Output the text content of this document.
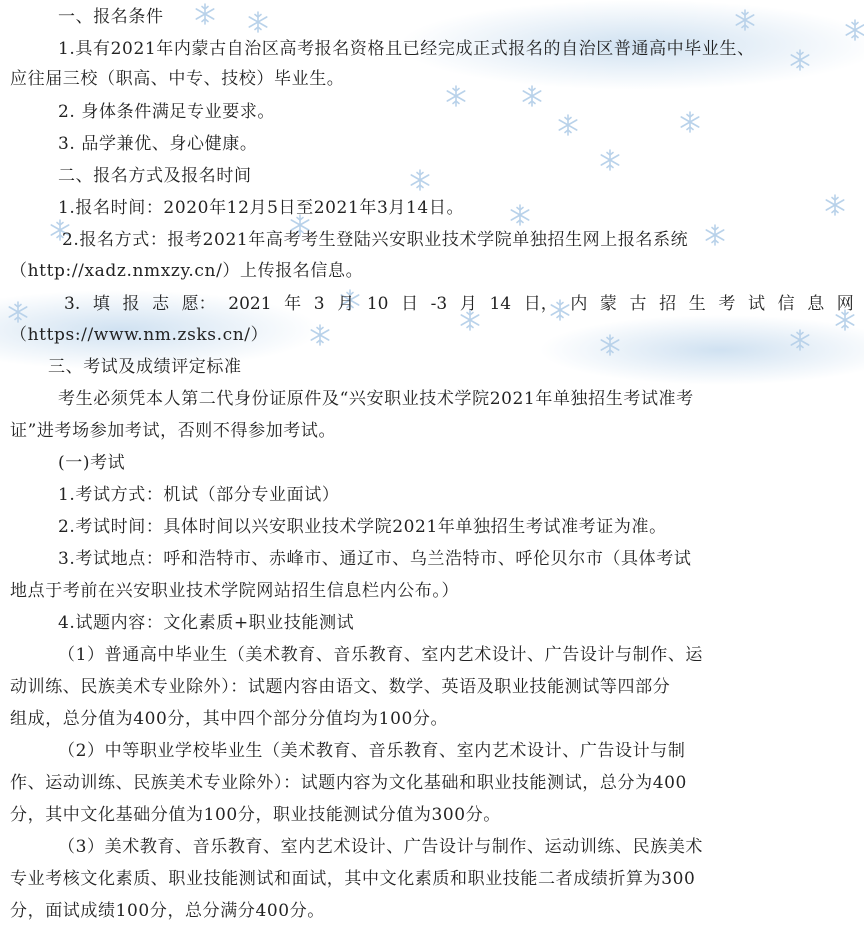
一、报名条件

1.具有2021年内蒙古自治区高考报名资格且已经完成正式报名的自治区普通高中毕业生、

应往届三校（职高、中专、技校）毕业生。

2. 身体条件满足专业要求。

3. 品学兼优、身心健康。

二、报名方式及报名时间

1.报名时间：2020年12月5日至2021年3月14日。

2.报名方式：报考2021年高考考生登陆兴安职业技术学院单独招生网上报名系统

（http://xadz.nmxzy.cn/）上传报名信息。

3. 填 报 志 愿： 2021 年 3 月 10 日 -3 月 14 日， 内 蒙 古 招 生 考 试 信 息 网

（https://www.nm.zsks.cn/）

三、考试及成绩评定标准

考生必须凭本人第二代身份证原件及“兴安职业技术学院2021年单独招生考试准考

证”进考场参加考试，否则不得参加考试。

(一)考试

1.考试方式：机试（部分专业面试）

2.考试时间：具体时间以兴安职业技术学院2021年单独招生考试准考证为准。

3.考试地点：呼和浩特市、赤峰市、通辽市、乌兰浩特市、呼伦贝尔市（具体考试

地点于考前在兴安职业技术学院网站招生信息栏内公布。）

4.试题内容：文化素质+职业技能测试

（1）普通高中毕业生（美术教育、音乐教育、室内艺术设计、广告设计与制作、运

动训练、民族美术专业除外）：试题内容由语文、数学、英语及职业技能测试等四部分

组成，总分值为400分，其中四个部分分值均为100分。

（2）中等职业学校毕业生（美术教育、音乐教育、室内艺术设计、广告设计与制

作、运动训练、民族美术专业除外）：试题内容为文化基础和职业技能测试，总分为400

分，其中文化基础分值为100分，职业技能测试分值为300分。

（3）美术教育、音乐教育、室内艺术设计、广告设计与制作、运动训练、民族美术

专业考核文化素质、职业技能测试和面试，其中文化素质和职业技能二者成绩折算为300

分，面试成绩100分，总分满分400分。
